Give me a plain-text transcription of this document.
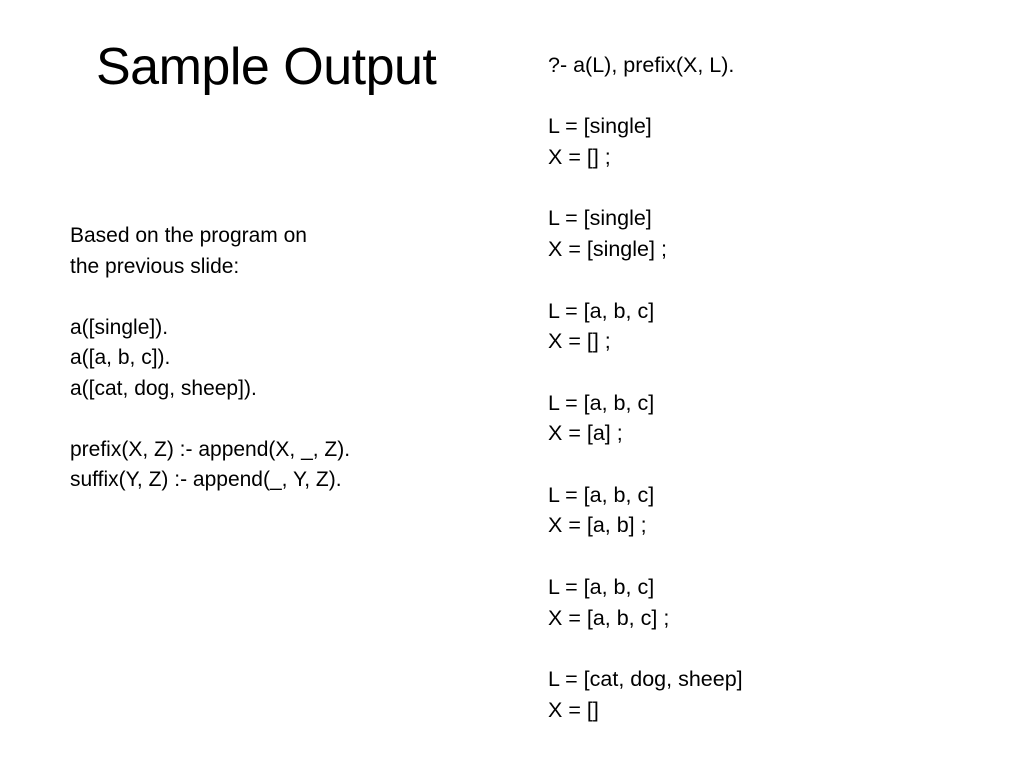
Sample Output
Based on the program on
the previous slide:
a([single]).
a([a, b, c]).
a([cat, dog, sheep]).
prefix(X, Z) :- append(X, _, Z).
suffix(Y, Z) :- append(_, Y, Z).
?- a(L), prefix(X, L).
L = [single]
X = [] ;
L = [single]
X = [single] ;
L = [a, b, c]
X = [] ;
L = [a, b, c]
X = [a] ;
L = [a, b, c]
X = [a, b] ;
L = [a, b, c]
X = [a, b, c] ;
L = [cat, dog, sheep]
X = []
